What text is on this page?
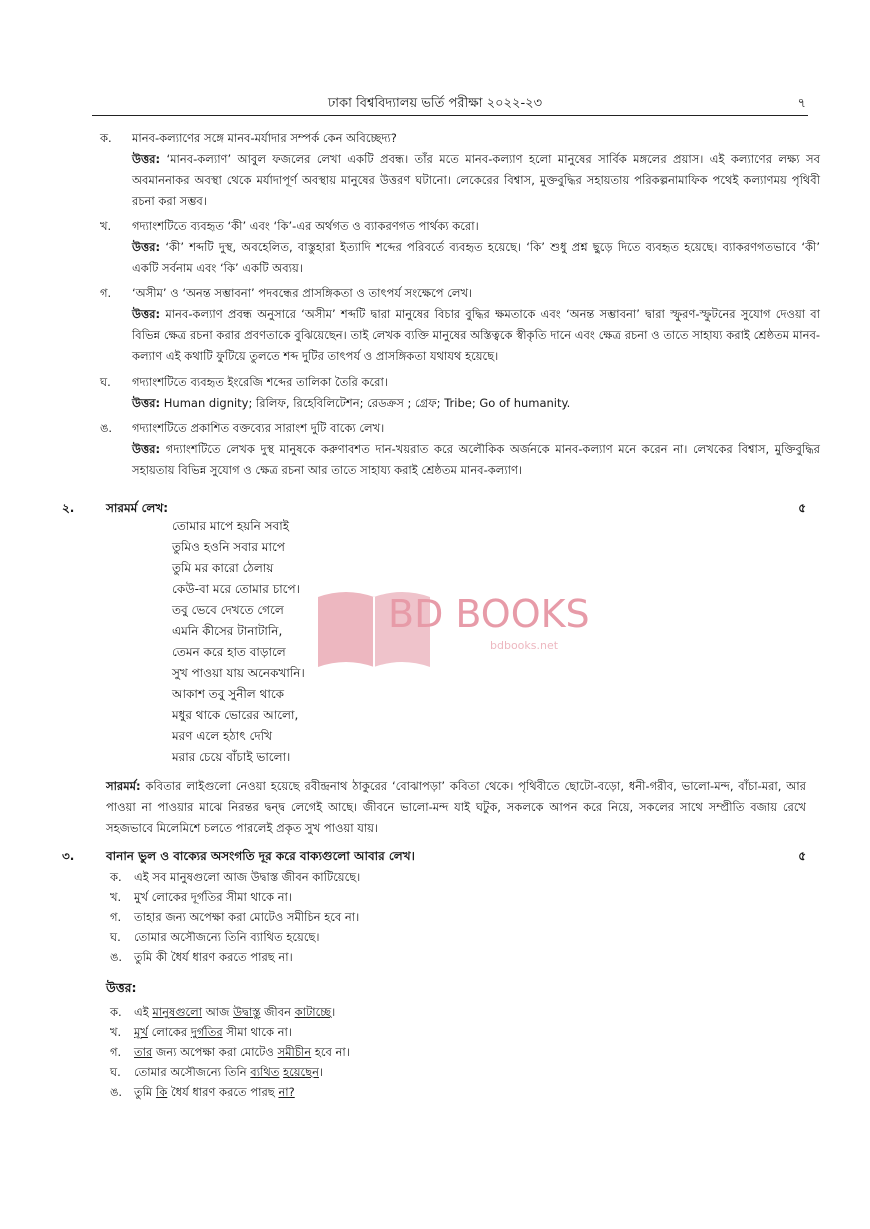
ঢাকা বিশ্ববিদ্যালয় ভর্তি পরীক্ষা ২০২২-২৩	৭
ক.	মানব-কল্যাণের সঙ্গে মানব-মর্যাদার সম্পর্ক কেন অবিচ্ছেদ্য?
উত্তর: ‘মানব-কল্যাণ’ আবুল ফজলের লেখা একটি প্রবন্ধ। তাঁর মতে মানব-কল্যাণ হলো মানুষের সার্বিক মঙ্গলের প্রয়াস। এই কল্যাণের লক্ষ্য সব অবমাননাকর অবস্থা থেকে মর্যাদাপূর্ণ অবস্থায় মানুষের উত্তরণ ঘটানো। লেকেরের বিশ্বাস, মুক্তবুদ্ধির সহায়তায় পরিকল্পনামাফিক পথেই কল্যাণময় পৃথিবী রচনা করা সম্ভব।
খ.	গদ্যাংশটিতে ব্যবহৃত ‘কী’ এবং ‘কি’-এর অর্থগত ও ব্যাকরণগত পার্থক্য করো।
উত্তর: ‘কী’ শব্দটি দুস্থ, অবহেলিত, বাস্তুহারা ইত্যাদি শব্দের পরিবর্তে ব্যবহৃত হয়েছে। ‘কি’ শুধু প্রশ্ন ছুড়ে দিতে ব্যবহৃত হয়েছে। ব্যাকরণগতভাবে ‘কী’ একটি সর্বনাম এবং ‘কি’ একটি অব্যয়।
গ.	‘অসীম’ ও ‘অনন্ত সম্ভাবনা’ পদবন্ধের প্রাসঙ্গিকতা ও তাৎপর্য সংক্ষেপে লেখ।
উত্তর: মানব-কল্যাণ প্রবন্ধ অনুসারে ‘অসীম’ শব্দটি দ্বারা মানুষের বিচার বুদ্ধির ক্ষমতাকে এবং ‘অনন্ত সম্ভাবনা’ দ্বারা স্ফুরণ-স্ফুটনের সুযোগ দেওয়া বা বিভিন্ন ক্ষেত্র রচনা করার প্রবণতাকে বুঝিয়েছেন। তাই লেখক ব্যক্তি মানুষের অস্তিত্বকে স্বীকৃতি দানে এবং ক্ষেত্র রচনা ও তাতে সাহায্য করাই শ্রেষ্ঠতম মানব-কল্যাণ এই কথাটি ফুটিয়ে তুলতে শব্দ দুটির তাৎপর্য ও প্রাসঙ্গিকতা যথাযথ হয়েছে।
ঘ.	গদ্যাংশটিতে ব্যবহৃত ইংরেজি শব্দের তালিকা তৈরি করো।
উত্তর: Human dignity; রিলিফ, রিহেবিলিটেশন; রেডক্রস ; গ্রেফ; Tribe; Go of humanity.
ঙ.	গদ্যাংশটিতে প্রকাশিত বক্তব্যের সারাংশ দুটি বাক্যে লেখ।
উত্তর: গদ্যাংশটিতে লেখক দুস্থ মানুষকে করুণাবশত দান-খয়রাত করে অলৌকিক অর্জনকে মানব-কল্যাণ মনে করেন না। লেখকের বিশ্বাস, মুক্তিবুদ্ধির সহায়তায় বিভিন্ন সুযোগ ও ক্ষেত্র রচনা আর তাতে সাহায্য করাই শ্রেষ্ঠতম মানব-কল্যাণ।
২.	সারমর্ম লেখ:	৫
তোমার মাপে হয়নি সবাই
তুমিও হওনি সবার মাপে
তুমি মর কারো ঠেলায়
কেউ-বা মরে তোমার চাপে।
তবু ভেবে দেখতে গেলে
এমনি কীসের টানাটানি,
তেমন করে হাত বাড়ালে
সুখ পাওয়া যায় অনেকখানি।
আকাশ তবু সুনীল থাকে
মধুর থাকে ভোরের আলো,
মরণ এলে হঠাৎ দেখি
মরার চেয়ে বাঁচাই ভালো।
BD BOOKS
bdbooks.net
সারমর্ম: কবিতার লাইগুলো নেওয়া হয়েছে রবীন্দ্রনাথ ঠাকুরের ‘বোঝাপড়া’ কবিতা থেকে। পৃথিবীতে ছোটো-বড়ো, ধনী-গরীব, ভালো-মন্দ, বাঁচা-মরা, আর পাওয়া না পাওয়ার মাঝে নিরন্তর দ্বন্দ্ব লেগেই আছে। জীবনে ভালো-মন্দ যাই ঘটুক, সকলকে আপন করে নিয়ে, সকলের সাথে সম্প্রীতি বজায় রেখে সহজভাবে মিলেমিশে চলতে পারলেই প্রকৃত সুখ পাওয়া যায়।
৩.	বানান ভুল ও বাক্যের অসংগতি দূর করে বাক্যগুলো আবার লেখ।	৫
ক. এই সব মানুষগুলো আজ উদ্বাস্ত জীবন কাটিয়েছে।
খ. মুর্খ লোকের দূর্গতির সীমা থাকে না।
গ. তাহার জন্য অপেক্ষা করা মোটেও সমীচিন হবে না।
ঘ. তোমার অসৌজন্যে তিনি ব্যাথিত হয়েছে।
ঙ. তুমি কী ধৈর্য ধারণ করতে পারছ না।
উত্তর:
ক. এই মানুষগুলো আজ উদ্বাস্তু জীবন কাটাচ্ছে।
খ. মূর্খ লোকের দুর্গতির সীমা থাকে না।
গ. তার জন্য অপেক্ষা করা মোটেও সমীচীন হবে না।
ঘ. তোমার অসৌজন্যে তিনি ব্যথিত হয়েছেন।
ঙ. তুমি কি ধৈর্য ধারণ করতে পারছ না?
